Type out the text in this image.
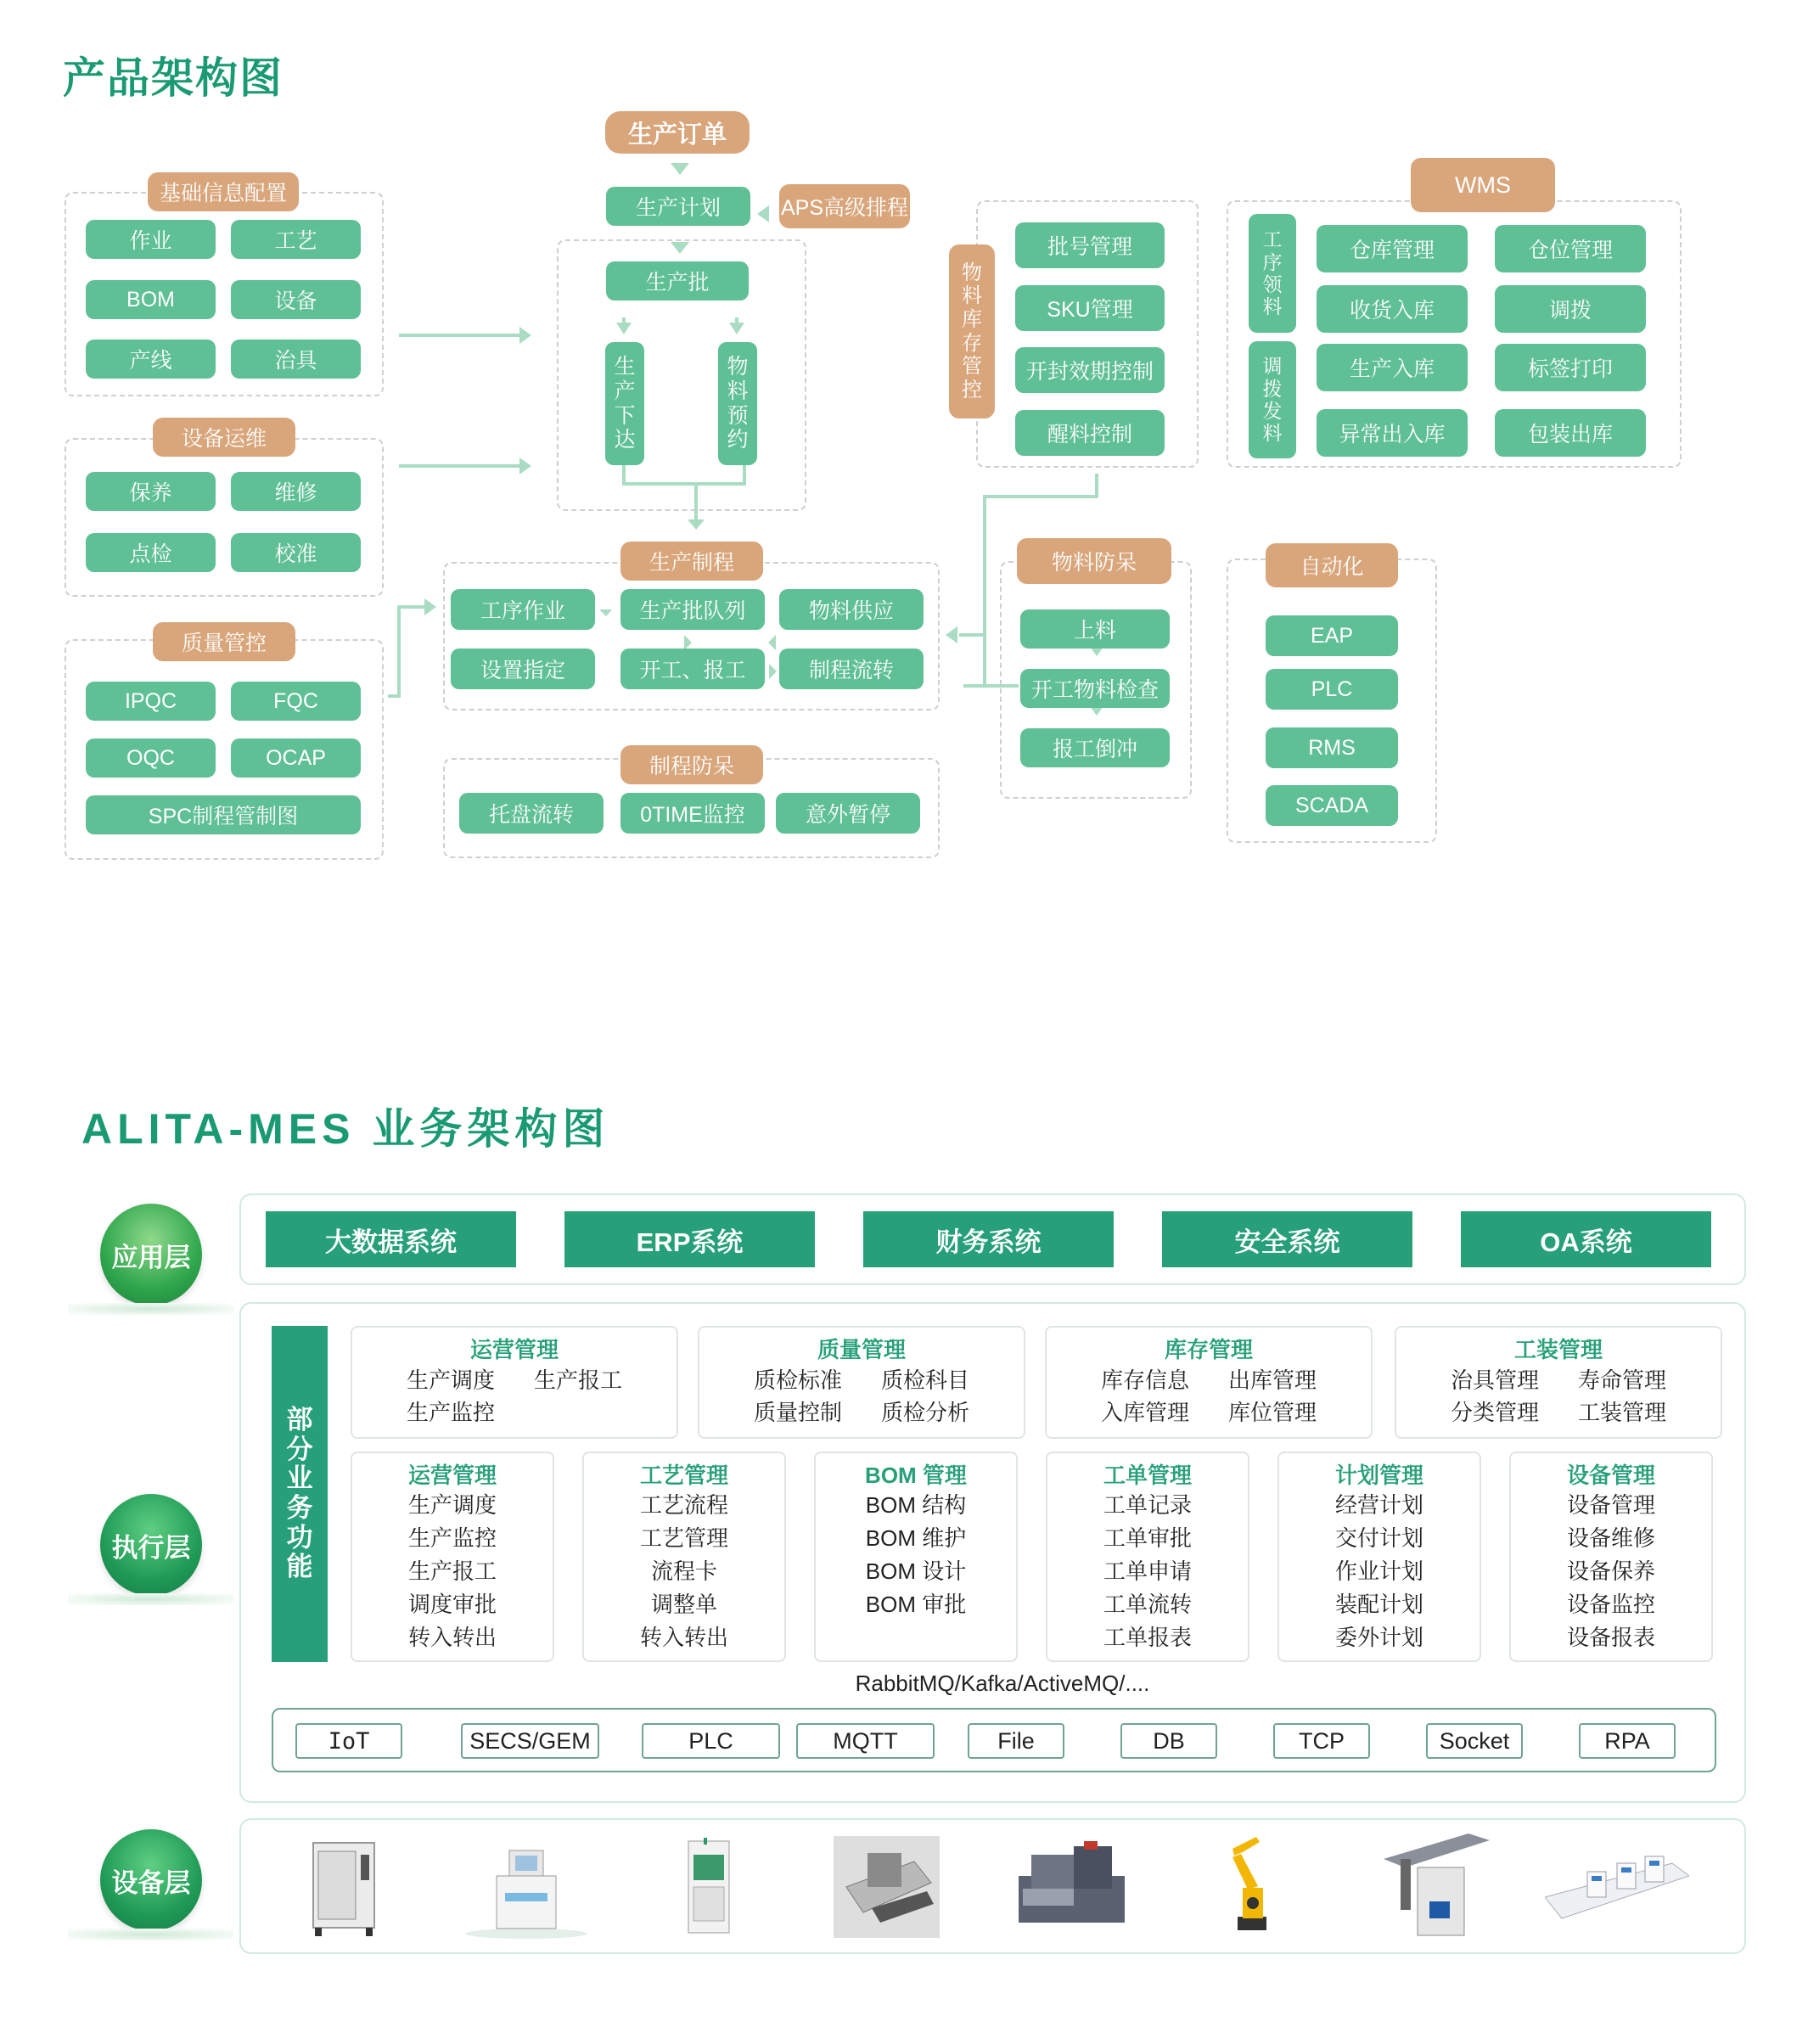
产品架构图
基础信息配置
作业	工艺
BOM	设备
产线	治具
设备运维
保养	维修
点检	校准
质量管控
IPQC	FQC
OQC	OCAP
SPC制程管制图
生产订单
生产计划	APS高级排程
生产批
生
产
下
达
物
料
预
约
物
料
库
存
管
控
批号管理
SKU管理
开封效期控制
醒料控制
WMS
工
序
领
料
调
拨
发
料
仓库管理	仓位管理
收货入库	调拨
生产入库	标签打印
异常出入库	包装出库
生产制程
工序作业	生产批队列	物料供应
设置指定	开工、报工	制程流转
制程防呆
托盘流转	0TIME监控	意外暂停
物料防呆
上料
开工物料检查
报工倒冲
自动化
EAP
PLC
RMS
SCADA
ALITA-MES 业务架构图
应用层
执行层
设备层
大数据系统	ERP系统	财务系统	安全系统	OA系统
部
分
业
务
功
能
运营管理
生产调度 生产报工
生产监控
质量管理
质检标准 质检科目
质量控制 质检分析
库存管理
库存信息 出库管理
入库管理 库位管理
工装管理
治具管理 寿命管理
分类管理 工装管理
运营管理
生产调度
生产监控
生产报工
调度审批
转入转出
工艺管理
工艺流程
工艺管理
流程卡
调整单
转入转出
BOM 管理
BOM 结构
BOM 维护
BOM 设计
BOM 审批
工单管理
工单记录
工单审批
工单申请
工单流转
工单报表
计划管理
经营计划
交付计划
作业计划
装配计划
委外计划
设备管理
设备管理
设备维修
设备保养
设备监控
设备报表
RabbitMQ/Kafka/ActiveMQ/....
IoT	SECS/GEM	PLC	MQTT	File	DB	TCP	Socket	RPA
